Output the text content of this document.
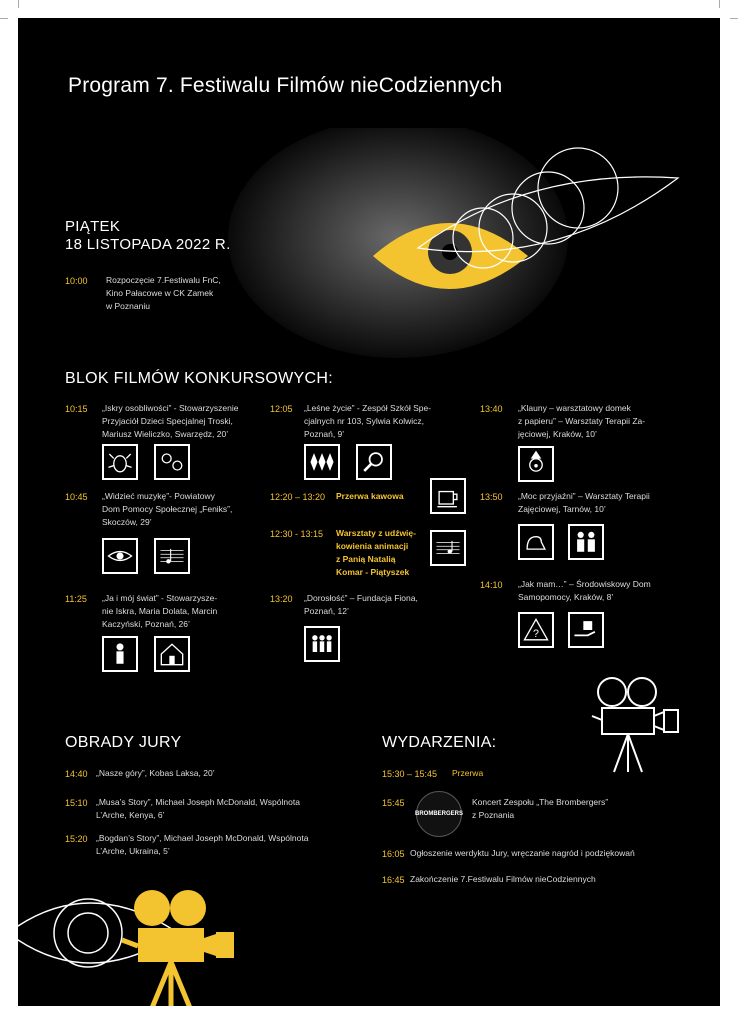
Program 7. Festiwalu Filmów nieCodziennych
PIĄTEK
18 LISTOPADA 2022 R.
10:00 Rozpoczęcie 7.Festiwalu FnC,
Kino Pałacowe w CK Zamek
w Poznaniu
BLOK FILMÓW KONKURSOWYCH:
10:15 „Iskry osobliwości” - Stowarzyszenie
Przyjaciół Dzieci Specjalnej Troski,
Mariusz Wieliczko, Swarzędz, 20’
10:45 „Widzieć muzykę”- Powiatowy
Dom Pomocy Społecznej „Feniks”,
Skoczów, 29’
11:25 „Ja i mój świat” - Stowarzysze-
nie Iskra, Maria Dolata, Marcin
Kaczyński, Poznań, 26’
12:05 „Leśne życie” - Zespół Szkół Spe-
cjalnych nr 103, Sylwia Kolwicz,
Poznań, 9’
12:20 – 13:20 Przerwa kawowa
12:30 - 13:15 Warsztaty z udźwię-
kowienia animacji
z Panią Natalią
Komar - Piątyszek
13:20 „Dorosłość” – Fundacja Fiona,
Poznań, 12’
13:40 „Klauny – warsztatowy domek
z papieru” – Warsztaty Terapii Za-
jęciowej, Kraków, 10’
13:50 „Moc przyjaźni” – Warsztaty Terapii
Zajęciowej, Tarnów, 10’
14:10 „Jak mam…” – Środowiskowy Dom
Samopomocy, Kraków, 8’
?
OBRADY JURY
14:40 „Nasze góry”, Kobas Laksa, 20’
15:10 „Musa’s Story”, Michael Joseph McDonald, Wspólnota
L’Arche, Kenya, 6’
15:20 „Bogdan’s Story”, Michael Joseph McDonald, Wspólnota
L’Arche, Ukraina, 5’
WYDARZENIA:
15:30 – 15:45 Przerwa
15:45
BROMBERGERS
Koncert Zespołu „The Brombergers”
z Poznania
16:05 Ogłoszenie werdyktu Jury, wręczanie nagród i podziękowań
16:45 Zakończenie 7.Festiwalu Filmów nieCodziennych
